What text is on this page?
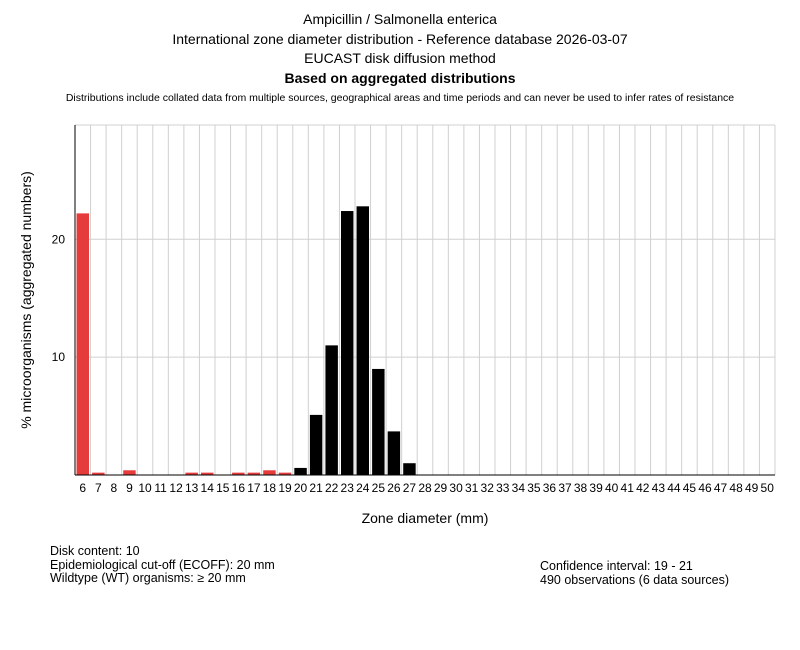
Ampicillin / Salmonella enterica
International zone diameter distribution - Reference database 2026-03-07
EUCAST disk diffusion method
Based on aggregated distributions
Distributions include collated data from multiple sources, geographical areas and time periods and can never be used to infer rates of resistance
10
20
6 7 8 9 10 11 12 13 14 15 16 17 18 19 20 21 22 23 24 25 26 27 28 29 30 31 32 33 34 35 36 37 38 39 40 41 42 43 44 45 46 47 48 49 50
Zone diameter (mm)
% microorganisms (aggregated numbers)
Disk content: 10
Epidemiological cut-off (ECOFF): 20 mm
Wildtype (WT) organisms: ≥ 20 mm
Confidence interval: 19 - 21
490 observations (6 data sources)
